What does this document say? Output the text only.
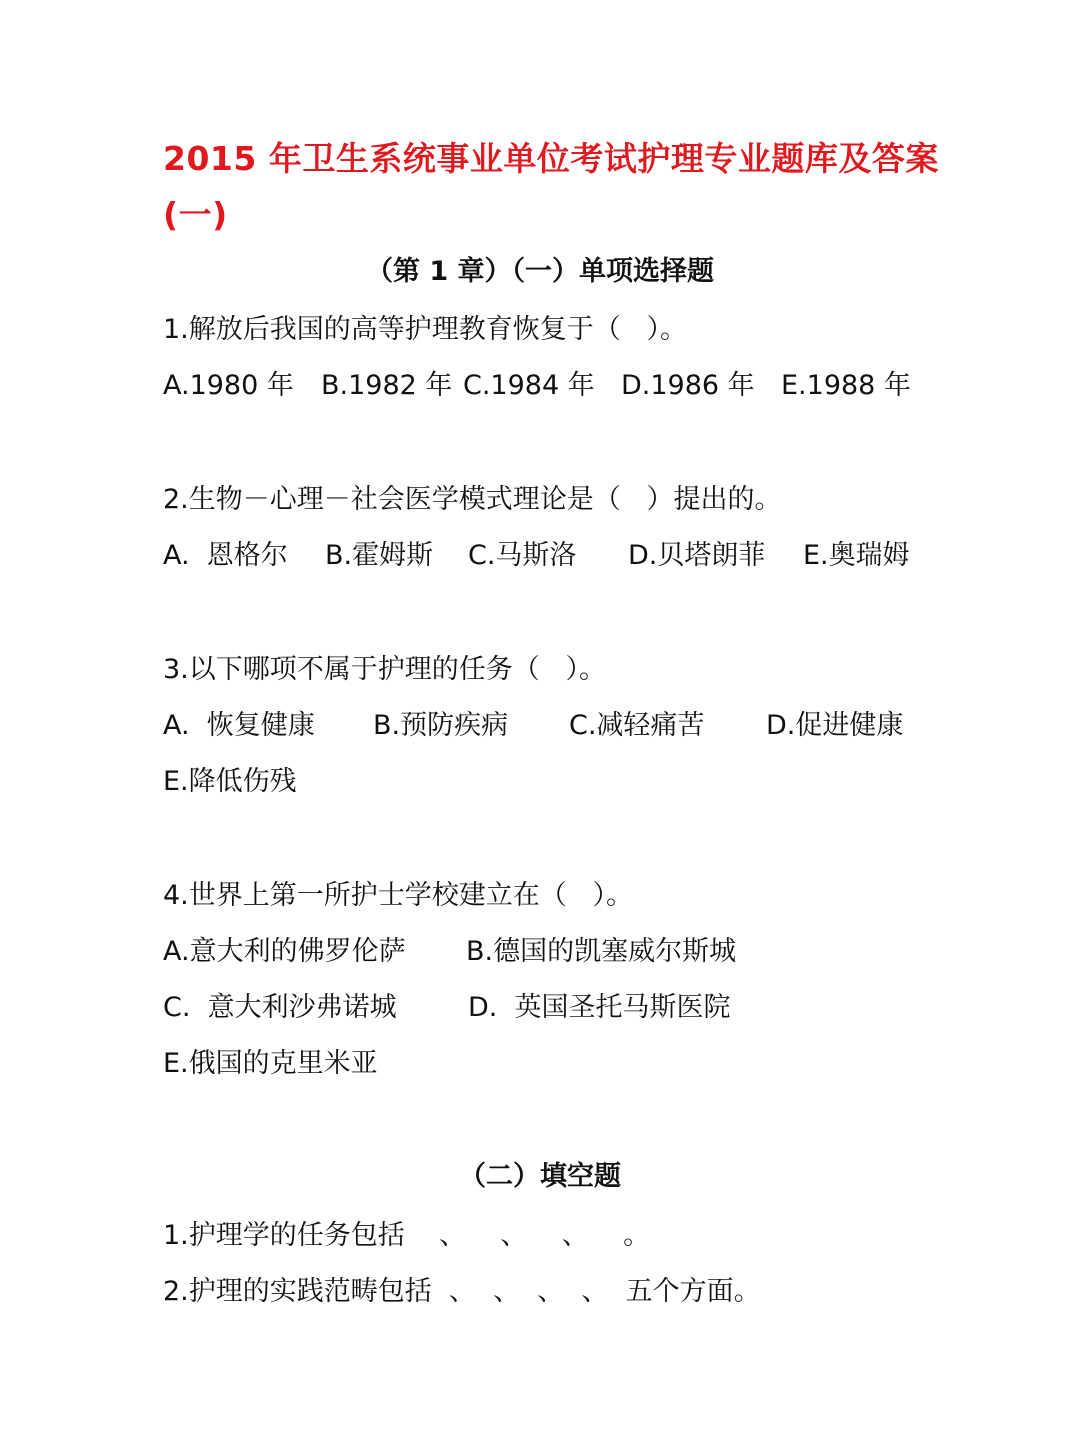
2015 年卫生系统事业单位考试护理专业题库及答案
(一)
（第 1 章）（一）单项选择题
1.解放后我国的高等护理教育恢复于（   ）。

A.1980 年

B.1982 年

C.1984 年

D.1986 年

E.1988 年

2.生物－心理－社会医学模式理论是（   ）提出的。

A.  恩格尔

B.霍姆斯

C.马斯洛

D.贝塔朗菲

E.奥瑞姆

3.以下哪项不属于护理的任务（   ）。

A.  恢复健康

B.预防疾病

C.减轻痛苦

D.促进健康

E.降低伤残
4.世界上第一所护士学校建立在（   ）。

A.意大利的佛罗伦萨

B.德国的凯塞威尔斯城

C.  意大利沙弗诺城

	D.  英国圣托马斯医院

E.俄国的克里米亚
（二）填空题
1.护理学的任务包括    、    、    、    。
2.护理的实践范畴包括  、  、  、  、  五个方面。
